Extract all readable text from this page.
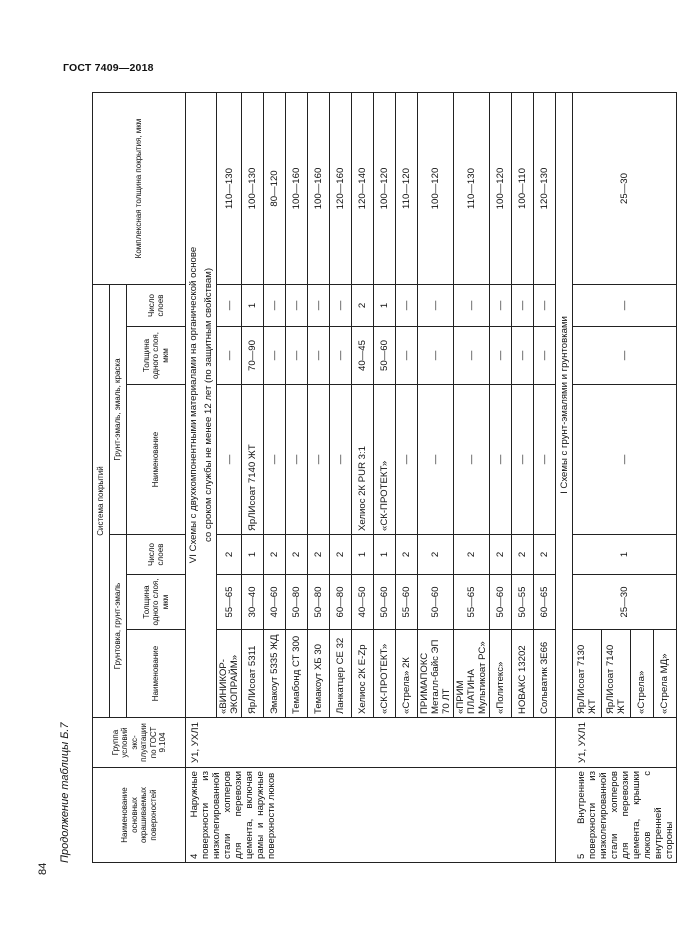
ГОСТ 7409—2018
84
Продолжение таблицы Б.7	Наименование основных окрашиваемых поверхностей	Группа условий экс-плуатации по ГОСТ 9.104	Система покрытий						Комплексная толщина покрытия, мкм
		Грунтовка, грунт-эмаль			Грунт-эмаль, эмаль, краска			
		Наименование	Толщина одного слоя, мкм	Число слоев	Наименование	Толщина одного слоя, мкм	Число слоев	
4 Наружные поверхности из низколегированной стали хопперов для перевозки цемента, включая рамы и наружные поверхности люков	У1, УХЛ1	VI Схемы с двухкомпонентными материалами на органической основе						
		со сроком службы не менее 12 лет (по защитным свойствам)						
		«ВИНИКОР-ЭКОПРАЙМ»	55—65	2	—	—	—	110—130
		ЯрЛИсоат 5311	30—40	1	ЯрЛИсоат 7140 ЖТ	70—90	1	100—130
		Эмакоут 5335 ЖД	40—60	2	—	—	—	80—120
		Темабонд СТ 300	50—80	2	—	—	—	100—160
		Темакоут ХБ 30	50—80	2	—	—	—	100—160
		Ланкатцер СЕ 32	60—80	2	—	—	—	120—160
		Хелиос 2К E-Zp	40—50	1	Хелиос 2К PUR 3:1	40—45	2	120—140
		«СК-ПРОТЕКТ»	50—60	1	«СК-ПРОТЕКТ»	50—60	1	100—120
		«Стрела» 2К	55—60	2	—	—	—	110—120
		ПРИМАПОКС Металл-байс ЭП 70 ЛТ	50—60	2	—	—	—	100—120
		«ПРИМ ПЛАТИНА Мультикоат РС»	55—65	2	—	—	—	110—130
		«Политекс»	50—60	2	—	—	—	100—120
		НОВАКС 13202	50—55	2	—	—	—	100—110
		Сольватик ЗЕ66	60—65	2	—	—	—	120—130
		I Схемы с грунт-эмалями и грунтовками						
5 Внутренние поверхности из низколегированной стали хопперов для перевозки цемента, крышки люков с внутренней стороны	У1, УХЛ1	ЯрЛИсоат 7130 ЖТ	25—30	1	—	—	—	25—30
		ЯрЛИсоат 7140 ЖТ						
		«Стрела»						
		«Стрела МД»						
